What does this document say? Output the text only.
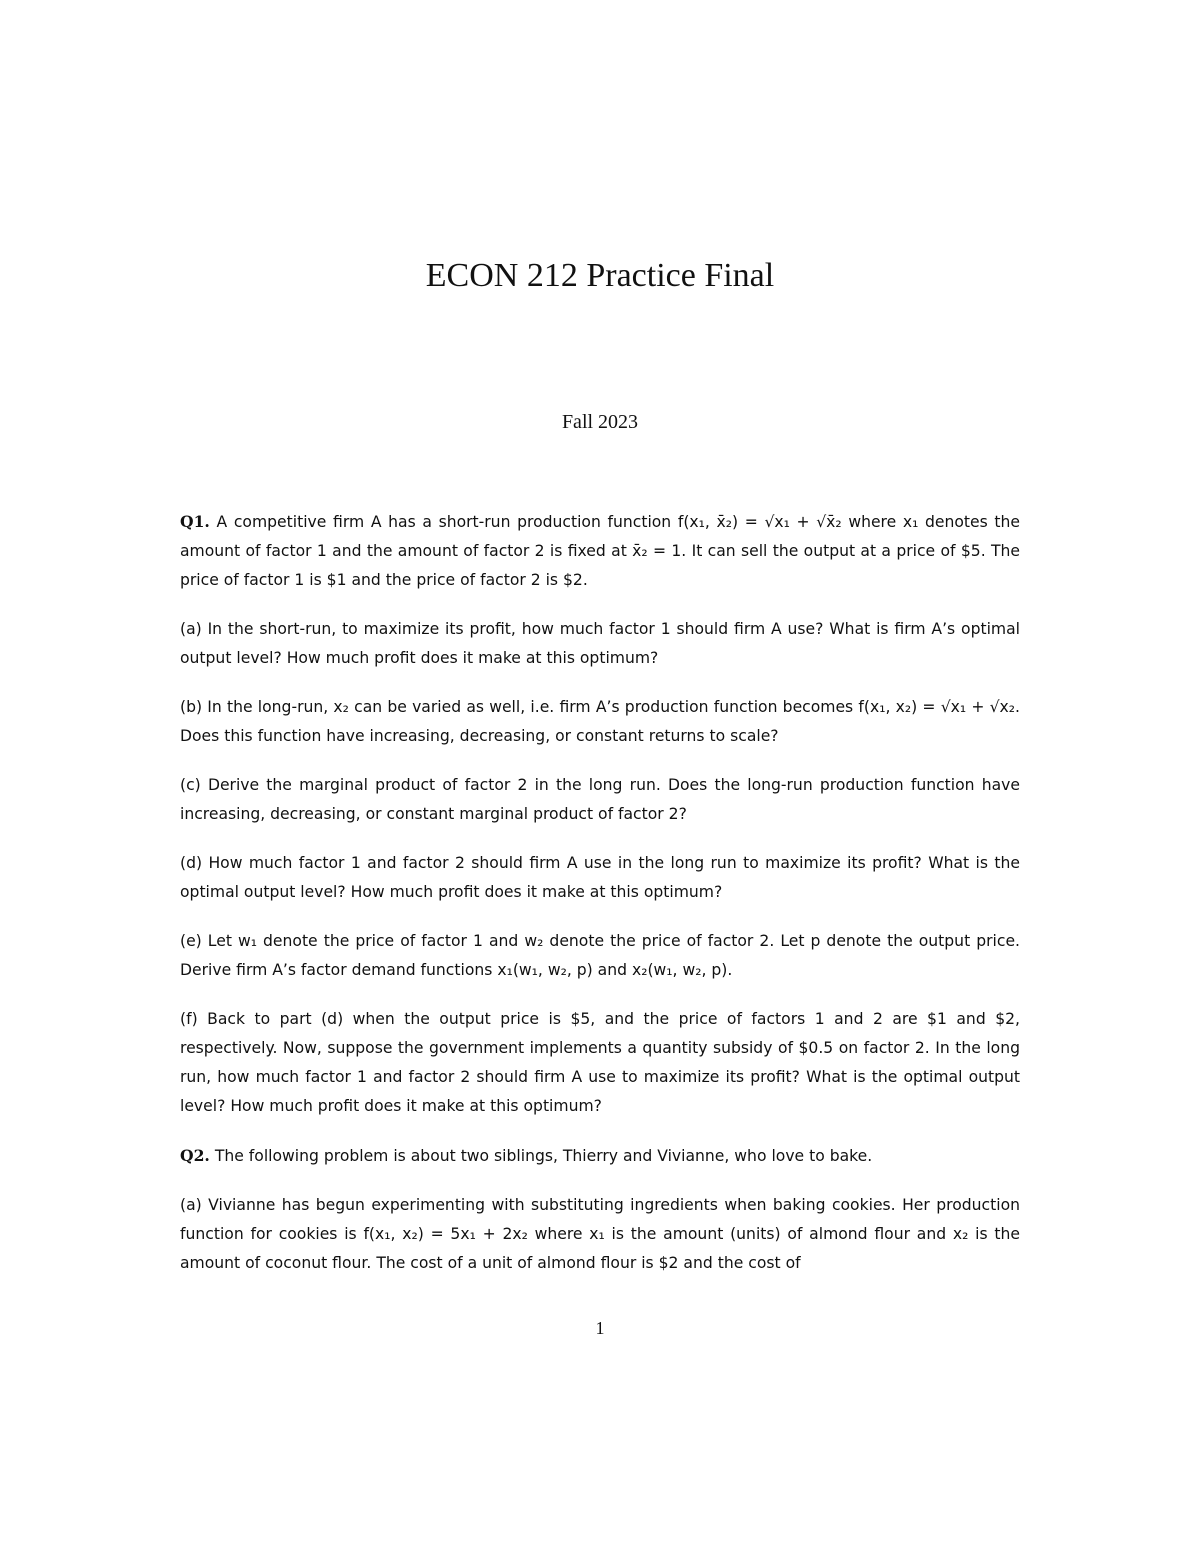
ECON 212 Practice Final
Fall 2023

Q1. A competitive firm A has a short-run production function f(x₁, x̄₂) = √x₁ + √x̄₂ where x₁ denotes the amount of factor 1 and the amount of factor 2 is fixed at x̄₂ = 1. It can sell the output at a price of $5. The price of factor 1 is $1 and the price of factor 2 is $2.

(a) In the short-run, to maximize its profit, how much factor 1 should firm A use? What is firm A’s optimal output level? How much profit does it make at this optimum?

(b) In the long-run, x₂ can be varied as well, i.e. firm A’s production function becomes f(x₁, x₂) = √x₁ + √x₂. Does this function have increasing, decreasing, or constant returns to scale?

(c) Derive the marginal product of factor 2 in the long run. Does the long-run production function have increasing, decreasing, or constant marginal product of factor 2?

(d) How much factor 1 and factor 2 should firm A use in the long run to maximize its profit? What is the optimal output level? How much profit does it make at this optimum?

(e) Let w₁ denote the price of factor 1 and w₂ denote the price of factor 2. Let p denote the output price. Derive firm A’s factor demand functions x₁(w₁, w₂, p) and x₂(w₁, w₂, p).

(f) Back to part (d) when the output price is $5, and the price of factors 1 and 2 are $1 and $2, respectively. Now, suppose the government implements a quantity subsidy of $0.5 on factor 2. In the long run, how much factor 1 and factor 2 should firm A use to maximize its profit? What is the optimal output level? How much profit does it make at this optimum?

Q2. The following problem is about two siblings, Thierry and Vivianne, who love to bake.

(a) Vivianne has begun experimenting with substituting ingredients when baking cookies. Her production function for cookies is f(x₁, x₂) = 5x₁ + 2x₂ where x₁ is the amount (units) of almond flour and x₂ is the amount of coconut flour. The cost of a unit of almond flour is $2 and the cost of

1
